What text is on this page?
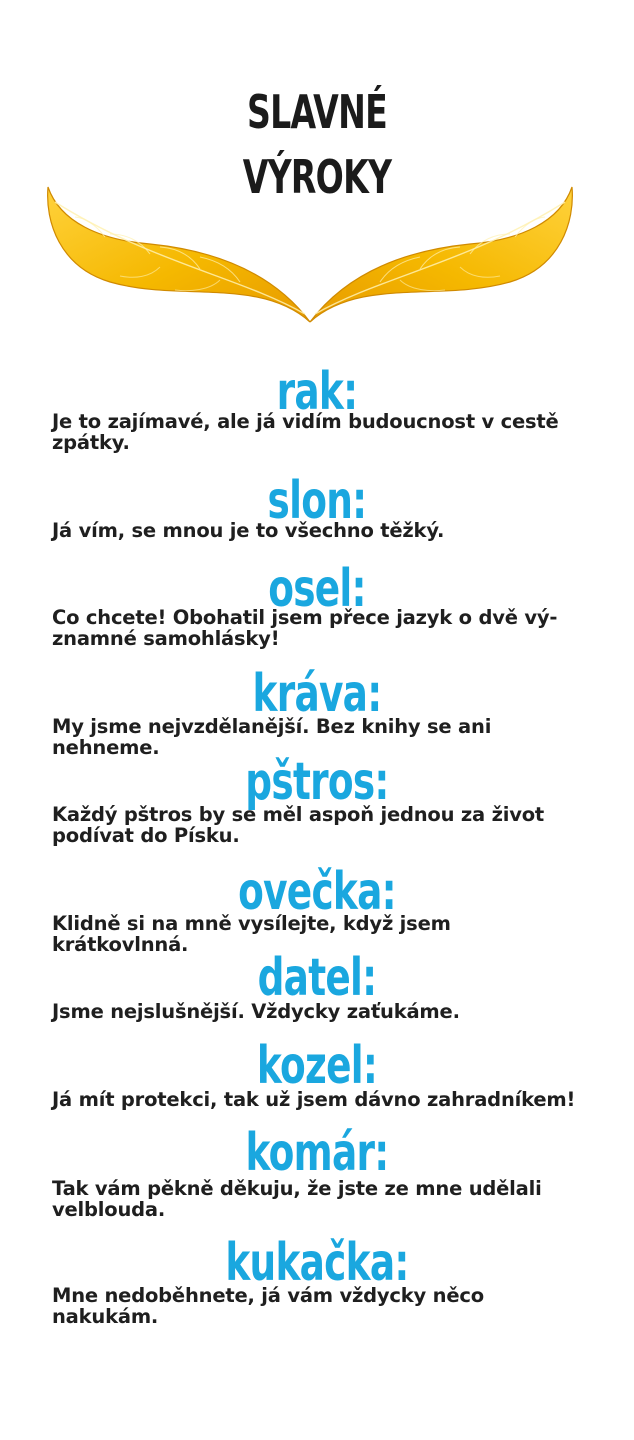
SLAVNÉ
VÝROKY
rak:
Je to zajímavé, ale já vidím budoucnost v cestě zpátky.
slon:
Já vím, se mnou je to všechno těžký.
osel:
Co chcete! Obohatil jsem přece jazyk o dvě vý-znamné samohlásky!
kráva:
My jsme nejvzdělanější. Bez knihy se ani nehneme.
pštros:
Každý pštros by se měl aspoň jednou za život podívat do Písku.
ovečka:
Klidně si na mně vysílejte, když jsem krátkovlnná.
datel:
Jsme nejslušnější. Vždycky zaťukáme.
kozel:
Já mít protekci, tak už jsem dávno zahradníkem!
komár:
Tak vám pěkně děkuju, že jste ze mne udělali velblouda.
kukačka:
Mne nedoběhnete, já vám vždycky něco nakukám.
